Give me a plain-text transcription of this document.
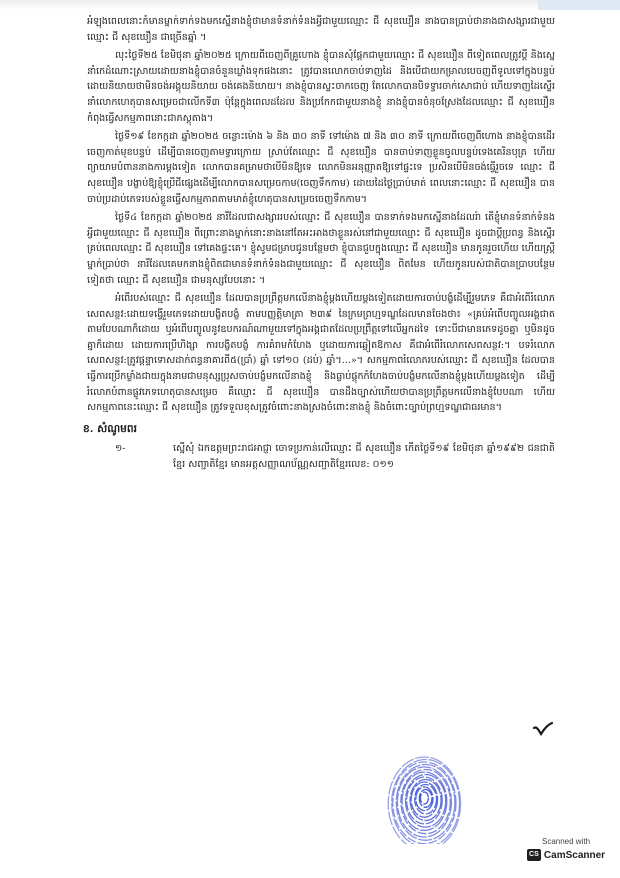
អំឡុងពេលនោះកំមានម្នាក់ទាក់ទងមកស្នើនាងខ្ញុំថាមានទំនាក់ទំនងអ្វីជាមួយឈ្មោះ ជី សុខឃឿន នាងបានប្រាប់ថានាងជាសង្សារជាមួយឈ្មោះ ជី សុខឃឿន ជាច្រើនឆ្នាំ ។

លុះថ្ងៃទី២៥ ខែមិថុនា ឆ្នាំ២០២៥ ក្រោយពីចេញពីគ្រូហោង ខ្ញុំបានសុំផ្ដែកជាមួយឈ្មោះ ជី សុខឃឿន ពីទៀតពេលត្រូវប្ដី និងស្នេនាំកេដំណោះស្រាយដោយនាងខ្ញុំបានចំនួនឃ្លាំងទុកផងនោះ ត្រូវបានលោកចាប់ទាញដៃ និងបើជាយកម្រាលបេចញពីទូលទៅក្នុងបន្ទប់ ដោយនិយាយថាមិនចង់អង្គុយនិយាយ ចង់គេងនិយាយ។ នាងខ្ញុំបានស្ទះចាកចេញ តែលោកបានបិទទ្វារចាក់សោជាប់ ហើយទាញដៃស្ទើរនាំលោកហេតុបានសម្រេចជាលើកទី៣ ប៉ុន្តែក្នុងពេលដដែល និងប្រកែកជាមួយនាងខ្ញុំ នាងខ្ញុំបានចំនុចស្រែងដែលឈ្មោះ ជី សុខឃឿន កំពុងធ្វើសកម្មភាពនោះជាភស្តុតាង។

ថ្ងៃទី១៩ ខែកក្កដា ឆ្នាំ២០២៥ ចន្លោះម៉ោង ៦ និង ៣០ នាទី ទៅម៉ោង ៧ និង ៣០ នាទី ក្រោយពីចេញពីហោង នាងខ្ញុំបានដើរចេញកាត់មុខបន្ទប់ ដើម្បីបានចេញតាមទ្វារក្រោយ ស្រាប់តែឈ្មោះ ជី សុខឃឿន បានចាប់ទាញខ្លួនចូលបន្ទប់ទេងគេរិនបុត្រ ហើយព្យាយាមបំពាននាងការម្ដងទៀត លោកបានគម្រាមថាបើមិនឱ្យទេ លោកមិនអនុញ្ញាតឱ្យទៅផ្ទះទេ ប្រសិនបើមិនចង់ធ្វើរួចទេ ឈ្មោះ ជី សុខឃឿន បង្ខាប់ឱ្យខ្ញុំប្រើជីផ្សេងដើម្បីលោកបានសម្រេចកាម(ចេញទឹកកាម) ដោយដៃថ្ងៃប្រាប់មាត់ ពេលនោះឈ្មោះ ជី សុខឃឿន បានចាប់ប្រដាប់ភេទរបស់ខ្លួនធ្វើសកម្មភាពតាមមាត់ខ្ញុំហេតុបានសម្រេចចេញទឹកកាម។

ថ្ងៃទី៤ ខែកក្កដា ឆ្នាំ២០២៥ នារីដែលជាសង្សាររបស់ឈ្មោះ ជី សុខឃឿន បានទាក់ទងមកស្នើនាងដែលរ៉ា តើខ្ញុំមានទំនាក់ទំនងអ្វីជាមួយឈ្មោះ ជី សុខឃឿន ពីព្រោះនាងម្នាក់នោះនាងនៅតែអះអាងថាខ្លួនរស់នៅជាមួយឈ្មោះ ជី សុខឃឿន ដូចជាប្ដីប្រពន្ធ និងស្នើរគ្រប់ពេលឈ្មោះ ជី សុខឃឿន ទៅគេងផ្ទះគេ។ ខ្ញុំសូមជម្រាបជូនបន្ថែមថា ខ្ញុំបានជួបក្នុងឈ្មោះ ជី សុខឃឿន មានកូនរួចហើយ ហើយស្ត្រីម្នាក់ប្រាប់ថា នារីដែលគេមកនាងខ្ញុំពិតជាមានទំនាក់ទំនងជាមួយឈ្មោះ ជី សុខឃឿន ពិតមែន ហើយកូនរបស់ជាតិបានប្រាបបន្ថែមទៀតថា ឈ្មោះ ជី សុខឃឿន ជាមនុស្សបែបនោះ ។

អំពើរបស់ឈ្មោះ ជី សុខឃឿន ដែលបានប្រព្រឹត្តមកលើនាងខ្ញុំម្ដងហើយម្ដងទៀតដោយការចាប់បង្ខំដើម្បីរួមភេទ គឺជាអំពើរំលោភសេពសន្ថវ:ដោយទង្វើរួមភេទដោយបង្ខិតបង្ខំ តាមបញ្ញត្តិមាត្រា ២៣៩ នៃក្រមព្រហ្មទណ្ឌដែលមានចែងថា៖ «គ្រប់អំពើបញ្ចូលអង្គជាត តាមបែបណាក៏ដោយ ឬអំពើបញ្ចូលនូវឧបករណ៍ណាមួយទៅក្នុងអង្គជាតដែលប្រព្រឹត្តទៅលើអ្នកដទៃ ទោះបីជាមានភេទដូចគ្នា ឬមិនដូចគ្នាក៏ដោយ ដោយការប្រើហិង្សា ការបង្ខិតបង្ខំ ការគំរាមកំហែង ឬដោយការឆ្លៀតឱកាស គឺជាអំពើរំលោភសេពសន្ថវ:។ បទរំលោភសេពសន្ថវ:ត្រូវផ្តន្ទាទោសដាក់ពន្ធនាគារពី៥(ប្រាំ) ឆ្នាំ ទៅ១០ (ដប់) ឆ្នាំ។...»។ សកម្មភាពរំលោភរបស់ឈ្មោះ ជី សុខឃឿន ដែលបានធ្វើការប្រើកម្លាំងជាយក្នុងនាមជាមនុស្សប្រុសចាប់បង្ខំមកលើនាងខ្ញុំ និងធ្លាប់ផ្ដុកកំហែងចាប់បង្ខំមកលើនាងខ្ញុំម្ដងហើយម្ដងទៀត ដើម្បីរំលោភបំពានផ្លូវភេទហេតុបានសម្រេច គឺឈ្មោះ ជី សុខឃឿន បានដឹងច្បាស់ហើយថាបានប្រព្រឹត្តមកលើនាងខ្ញុំបែបណា ហើយសកម្មភាពនេះឈ្មោះ ជី សុខឃឿន ត្រូវទទួលខុសត្រូវចំពោះនាងស្រងចំពោះនាងខ្ញុំ និងចំពោះច្បាប់ព្រហ្មទណ្ឌជាធរមាន។

ខ. សំណូមពរ
១-	ស្នើសុំ ឯកឧត្តមព្រះរាជអាជ្ញា ចោទប្រកាន់លើឈ្មោះ ជី សុខឃឿន កើតថ្ងៃទី១៩ ខែមិថុនា ឆ្នាំ១៩៩២ ជនជាតិខ្មែរ សញ្ជាតិខ្មែរ មានអត្តសញ្ញាណប័ណ្ណសញ្ជាតិខ្មែរលេខ: ០១១
Scanned with
CS CamScanner
